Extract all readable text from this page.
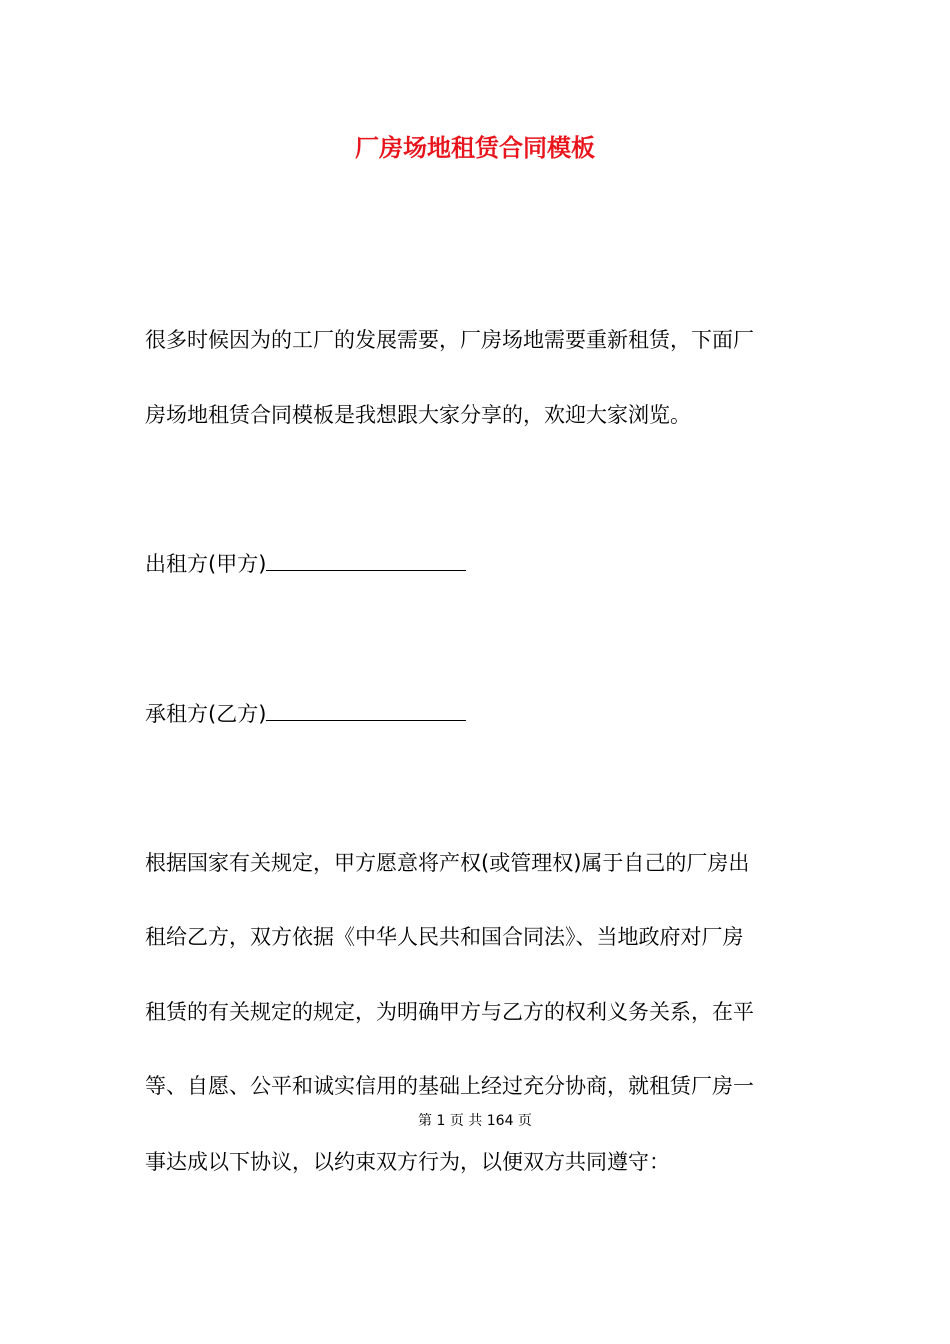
厂房场地租赁合同模板

很多时候因为的工厂的发展需要，厂房场地需要重新租赁，下面厂

房场地租赁合同模板是我想跟大家分享的，欢迎大家浏览。

出租方(甲方)

承租方(乙方)

根据国家有关规定，甲方愿意将产权(或管理权)属于自己的厂房出

租给乙方，双方依据《中华人民共和国合同法》、当地政府对厂房

租赁的有关规定的规定，为明确甲方与乙方的权利义务关系，在平

等、自愿、公平和诚实信用的基础上经过充分协商，就租赁厂房一

第 1 页 共 164 页

事达成以下协议，以约束双方行为，以便双方共同遵守：
